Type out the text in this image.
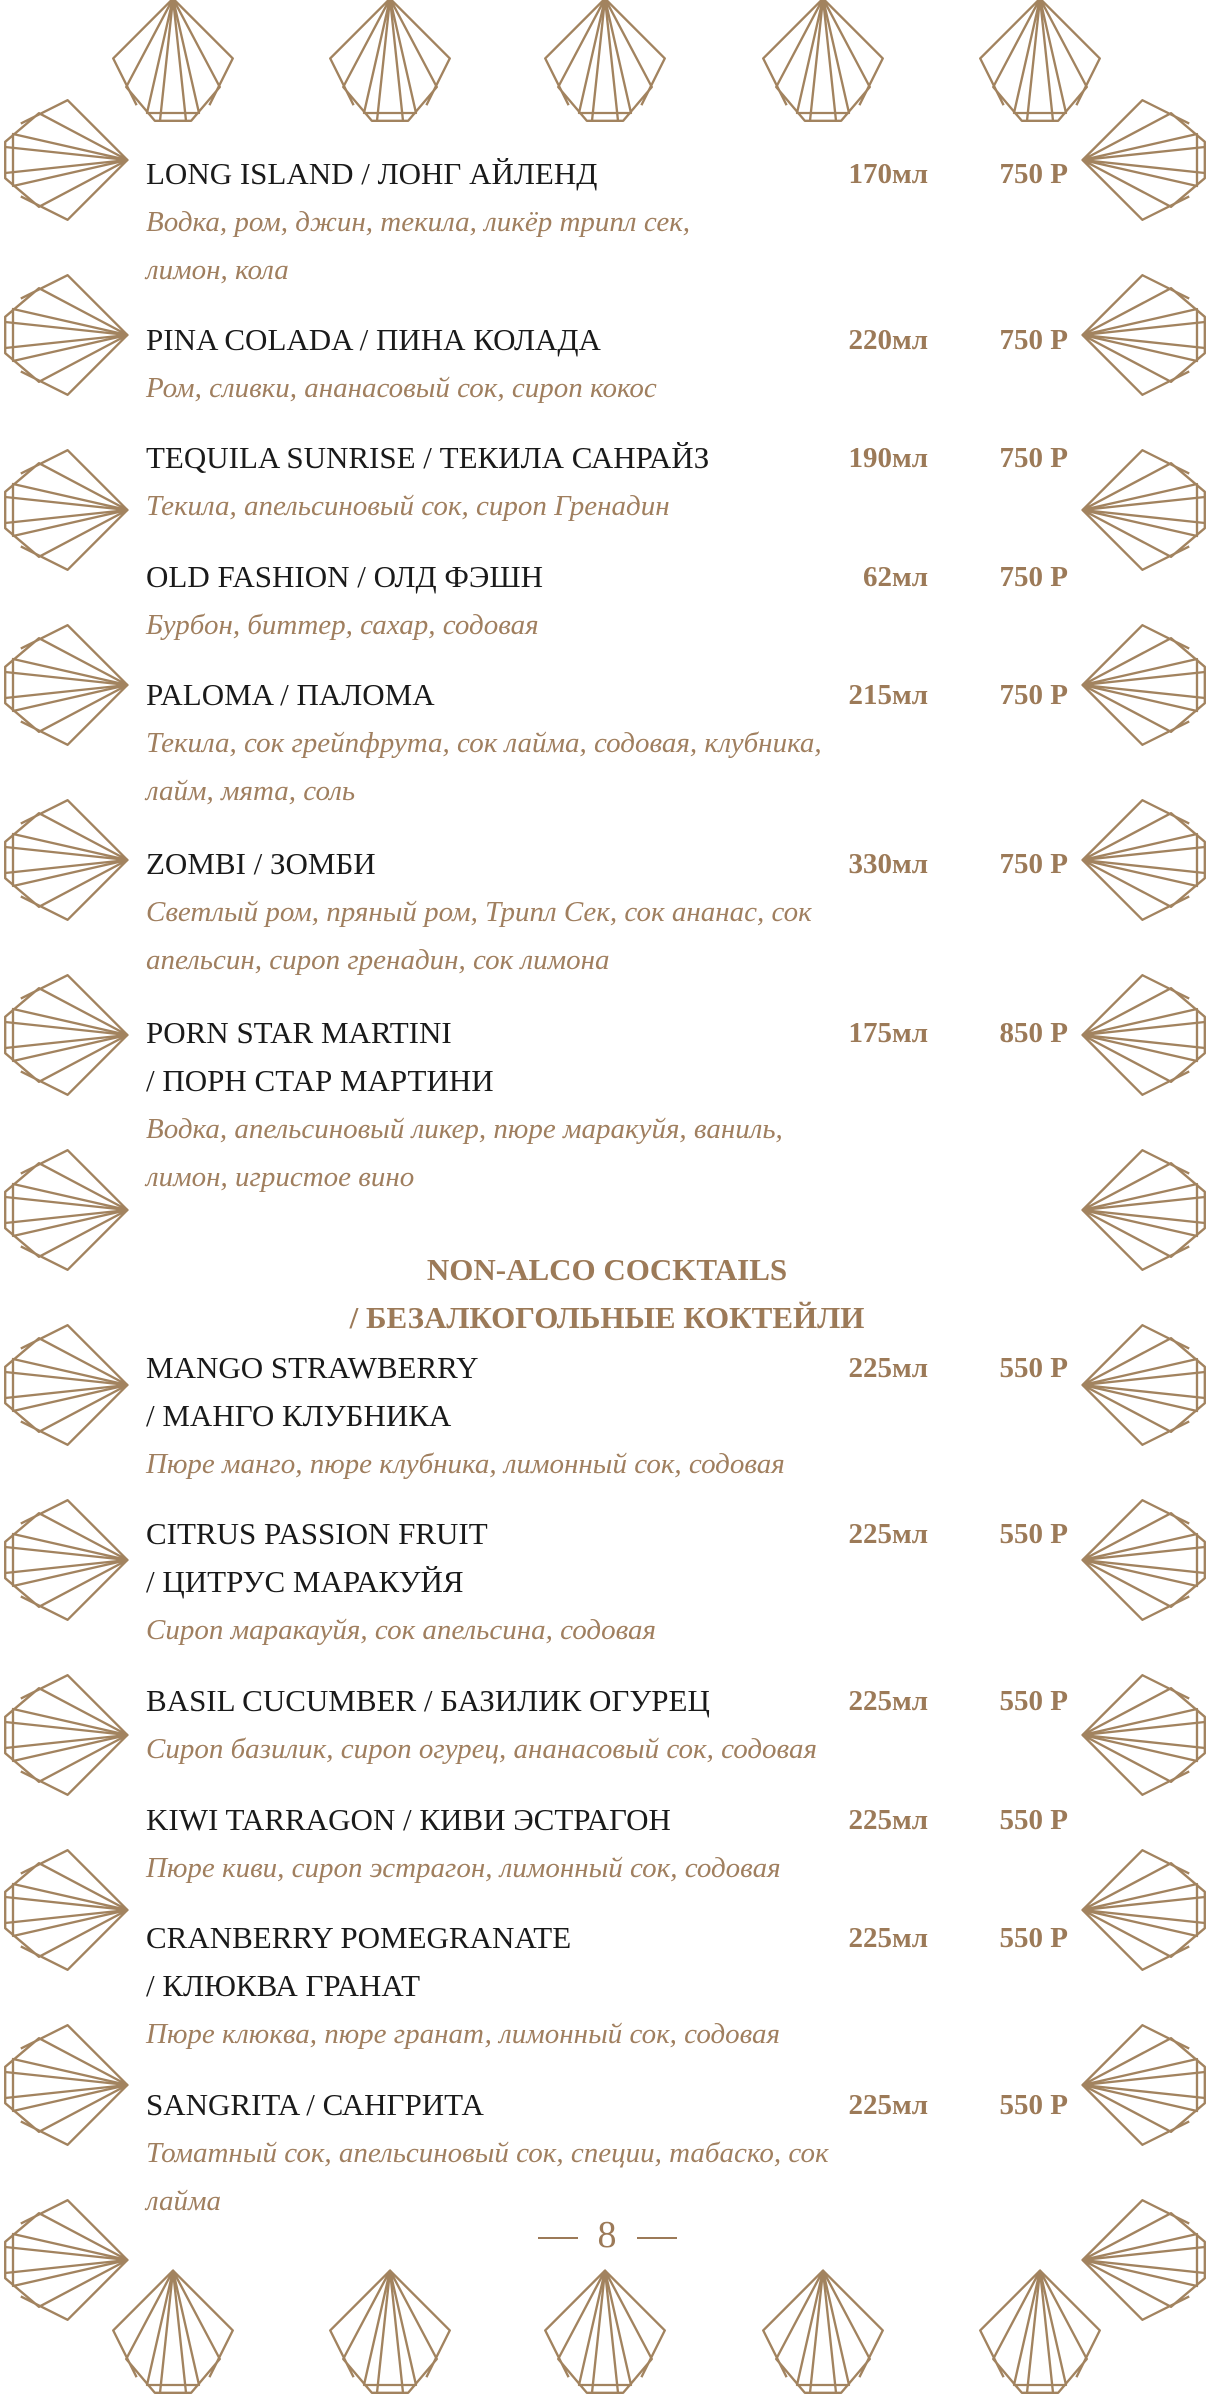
LONG ISLAND / ЛОНГ АЙЛЕНД	170мл	750 Р
Водка, ром, джин, текила, ликёр трипл сек,
лимон, кола
PINA COLADA / ПИНА КОЛАДА	220мл	750 Р
Ром, сливки, ананасовый сок, сироп кокос
TEQUILA SUNRISE / ТЕКИЛА САНРАЙЗ	190мл	750 Р
Текила, апельсиновый сок, сироп Гренадин
OLD FASHION / ОЛД ФЭШН	62мл	750 Р
Бурбон, биттер, сахар, содовая
PALOMA / ПАЛОМА	215мл	750 Р
Текила, сок грейпфрута, сок лайма, содовая, клубника,
лайм, мята, соль
ZOMBI / ЗОМБИ	330мл	750 Р
Светлый ром, пряный ром, Трипл Сек, сок ананас, сок
апельсин, сироп гренадин, сок лимона
PORN STAR MARTINI
/ ПОРН СТАР МАРТИНИ
175мл	850 Р
Водка, апельсиновый ликер, пюре маракуйя, ваниль,
лимон, игристое вино
NON-ALCO COCKTAILS
/ БЕЗАЛКОГОЛЬНЫЕ КОКТЕЙЛИ
MANGO STRAWBERRY
/ МАНГО КЛУБНИКА
225мл	550 Р
Пюре манго, пюре клубника, лимонный сок, содовая
CITRUS PASSION FRUIT
/ ЦИТРУС МАРАКУЙЯ
225мл	550 Р
Сироп маракауйя, сок апельсина, содовая
BASIL CUCUMBER / БАЗИЛИК ОГУРЕЦ	225мл	550 Р
Сироп базилик, сироп огурец, ананасовый сок, содовая
KIWI TARRAGON / КИВИ ЭСТРАГОН	225мл	550 Р
Пюре киви, сироп эстрагон, лимонный сок, содовая
CRANBERRY POMEGRANATE
/ КЛЮКВА ГРАНАТ
225мл	550 Р
Пюре клюква, пюре гранат, лимонный сок, содовая
SANGRITA / САНГРИТА	225мл	550 Р
Томатный сок, апельсиновый сок, специи, табаско, сок
лайма
8
